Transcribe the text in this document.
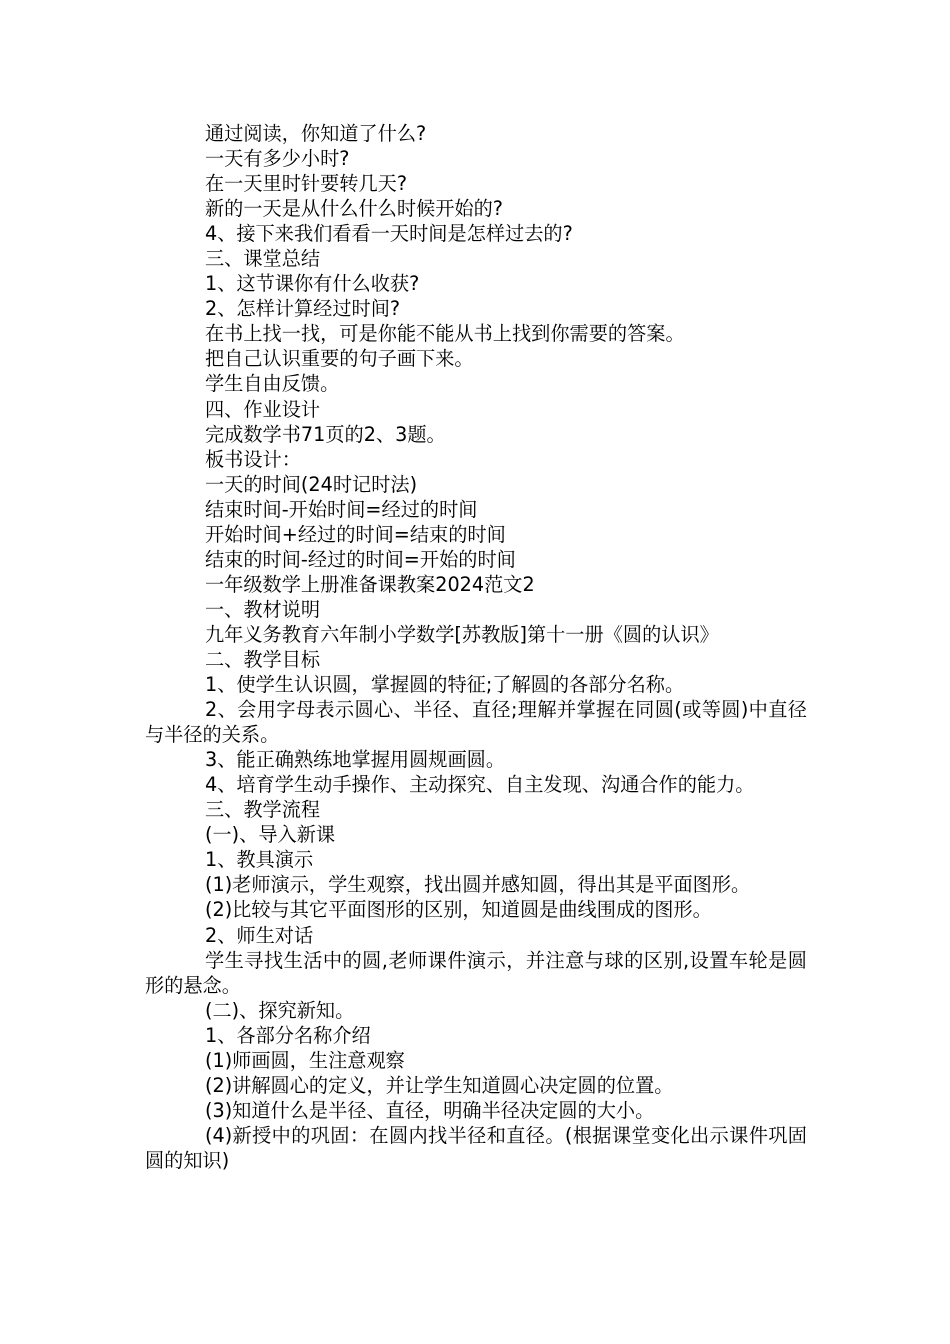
通过阅读，你知道了什么?

一天有多少小时?

在一天里时针要转几天?

新的一天是从什么什么时候开始的?

4、接下来我们看看一天时间是怎样过去的?

三、课堂总结

1、这节课你有什么收获?

2、怎样计算经过时间?

在书上找一找，可是你能不能从书上找到你需要的答案。

把自己认识重要的句子画下来。

学生自由反馈。

四、作业设计

完成数学书71页的2、3题。

板书设计：

一天的时间(24时记时法)

结束时间-开始时间=经过的时间

开始时间+经过的时间=结束的时间

结束的时间-经过的时间=开始的时间

一年级数学上册准备课教案2024范文2

一、教材说明

九年义务教育六年制小学数学[苏教版]第十一册《圆的认识》

二、教学目标

1、使学生认识圆，掌握圆的特征;了解圆的各部分名称。

2、会用字母表示圆心、半径、直径;理解并掌握在同圆(或等圆)中直径与半径的关系。

3、能正确熟练地掌握用圆规画圆。

4、培育学生动手操作、主动探究、自主发现、沟通合作的能力。

三、教学流程

(一)、导入新课

1、教具演示

(1)老师演示，学生观察，找出圆并感知圆，得出其是平面图形。

(2)比较与其它平面图形的区别，知道圆是曲线围成的图形。

2、师生对话

学生寻找生活中的圆,老师课件演示，并注意与球的区别,设置车轮是圆形的悬念。

(二)、探究新知。

1、各部分名称介绍

(1)师画圆，生注意观察

(2)讲解圆心的定义，并让学生知道圆心决定圆的位置。

(3)知道什么是半径、直径，明确半径决定圆的大小。

(4)新授中的巩固：在圆内找半径和直径。(根据课堂变化出示课件巩固圆的知识)
